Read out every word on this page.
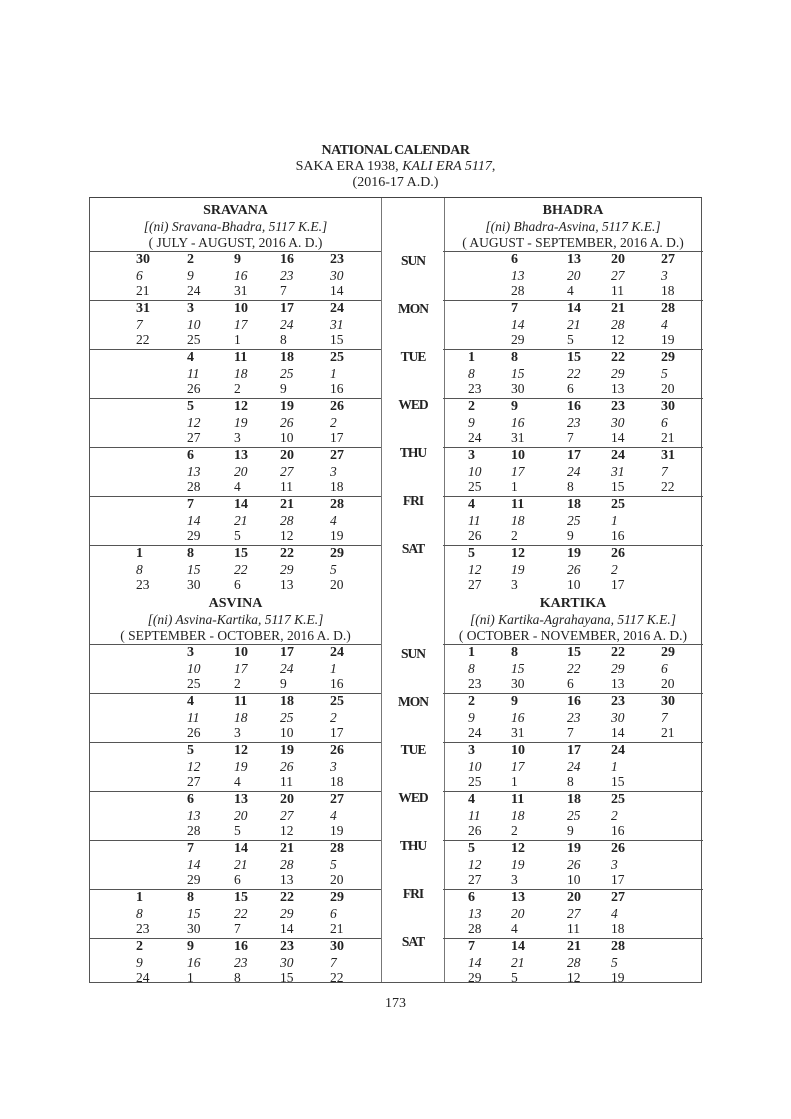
NATIONAL CALENDAR
SAKA ERA 1938, KALI ERA 5117,
(2016-17 A.D.)
SUN
MON
TUE
WED
THU
FRI
SAT
SUN
MON
TUE
WED
THU
FRI
SAT
SRAVANA
[(ni) Sravana-Bhadra, 5117 K.E.]
( JULY - AUGUST, 2016 A. D.)
30
6
21
2
9
24
9
16
31
16
23
7
23
30
14
31
7
22
3
10
25
10
17
1
17
24
8
24
31
15
4
11
26
11
18
2
18
25
9
25
1
16
5
12
27
12
19
3
19
26
10
26
2
17
6
13
28
13
20
4
20
27
11
27
3
18
7
14
29
14
21
5
21
28
12
28
4
19
1
8
23
8
15
30
15
22
6
22
29
13
29
5
20
BHADRA
[(ni) Bhadra-Asvina, 5117 K.E.]
( AUGUST - SEPTEMBER, 2016 A. D.)
6
13
28
13
20
4
20
27
11
27
3
18
7
14
29
14
21
5
21
28
12
28
4
19
1
8
23
8
15
30
15
22
6
22
29
13
29
5
20
2
9
24
9
16
31
16
23
7
23
30
14
30
6
21
3
10
25
10
17
1
17
24
8
24
31
15
31
7
22
4
11
26
11
18
2
18
25
9
25
1
16
5
12
27
12
19
3
19
26
10
26
2
17
ASVINA
[(ni) Asvina-Kartika, 5117 K.E.]
( SEPTEMBER - OCTOBER, 2016 A. D.)
3
10
25
10
17
2
17
24
9
24
1
16
4
11
26
11
18
3
18
25
10
25
2
17
5
12
27
12
19
4
19
26
11
26
3
18
6
13
28
13
20
5
20
27
12
27
4
19
7
14
29
14
21
6
21
28
13
28
5
20
1
8
23
8
15
30
15
22
7
22
29
14
29
6
21
2
9
24
9
16
1
16
23
8
23
30
15
30
7
22
KARTIKA
[(ni) Kartika-Agrahayana, 5117 K.E.]
( OCTOBER - NOVEMBER, 2016 A. D.)
1
8
23
8
15
30
15
22
6
22
29
13
29
6
20
2
9
24
9
16
31
16
23
7
23
30
14
30
7
21
3
10
25
10
17
1
17
24
8
24
1
15
4
11
26
11
18
2
18
25
9
25
2
16
5
12
27
12
19
3
19
26
10
26
3
17
6
13
28
13
20
4
20
27
11
27
4
18
7
14
29
14
21
5
21
28
12
28
5
19
173
